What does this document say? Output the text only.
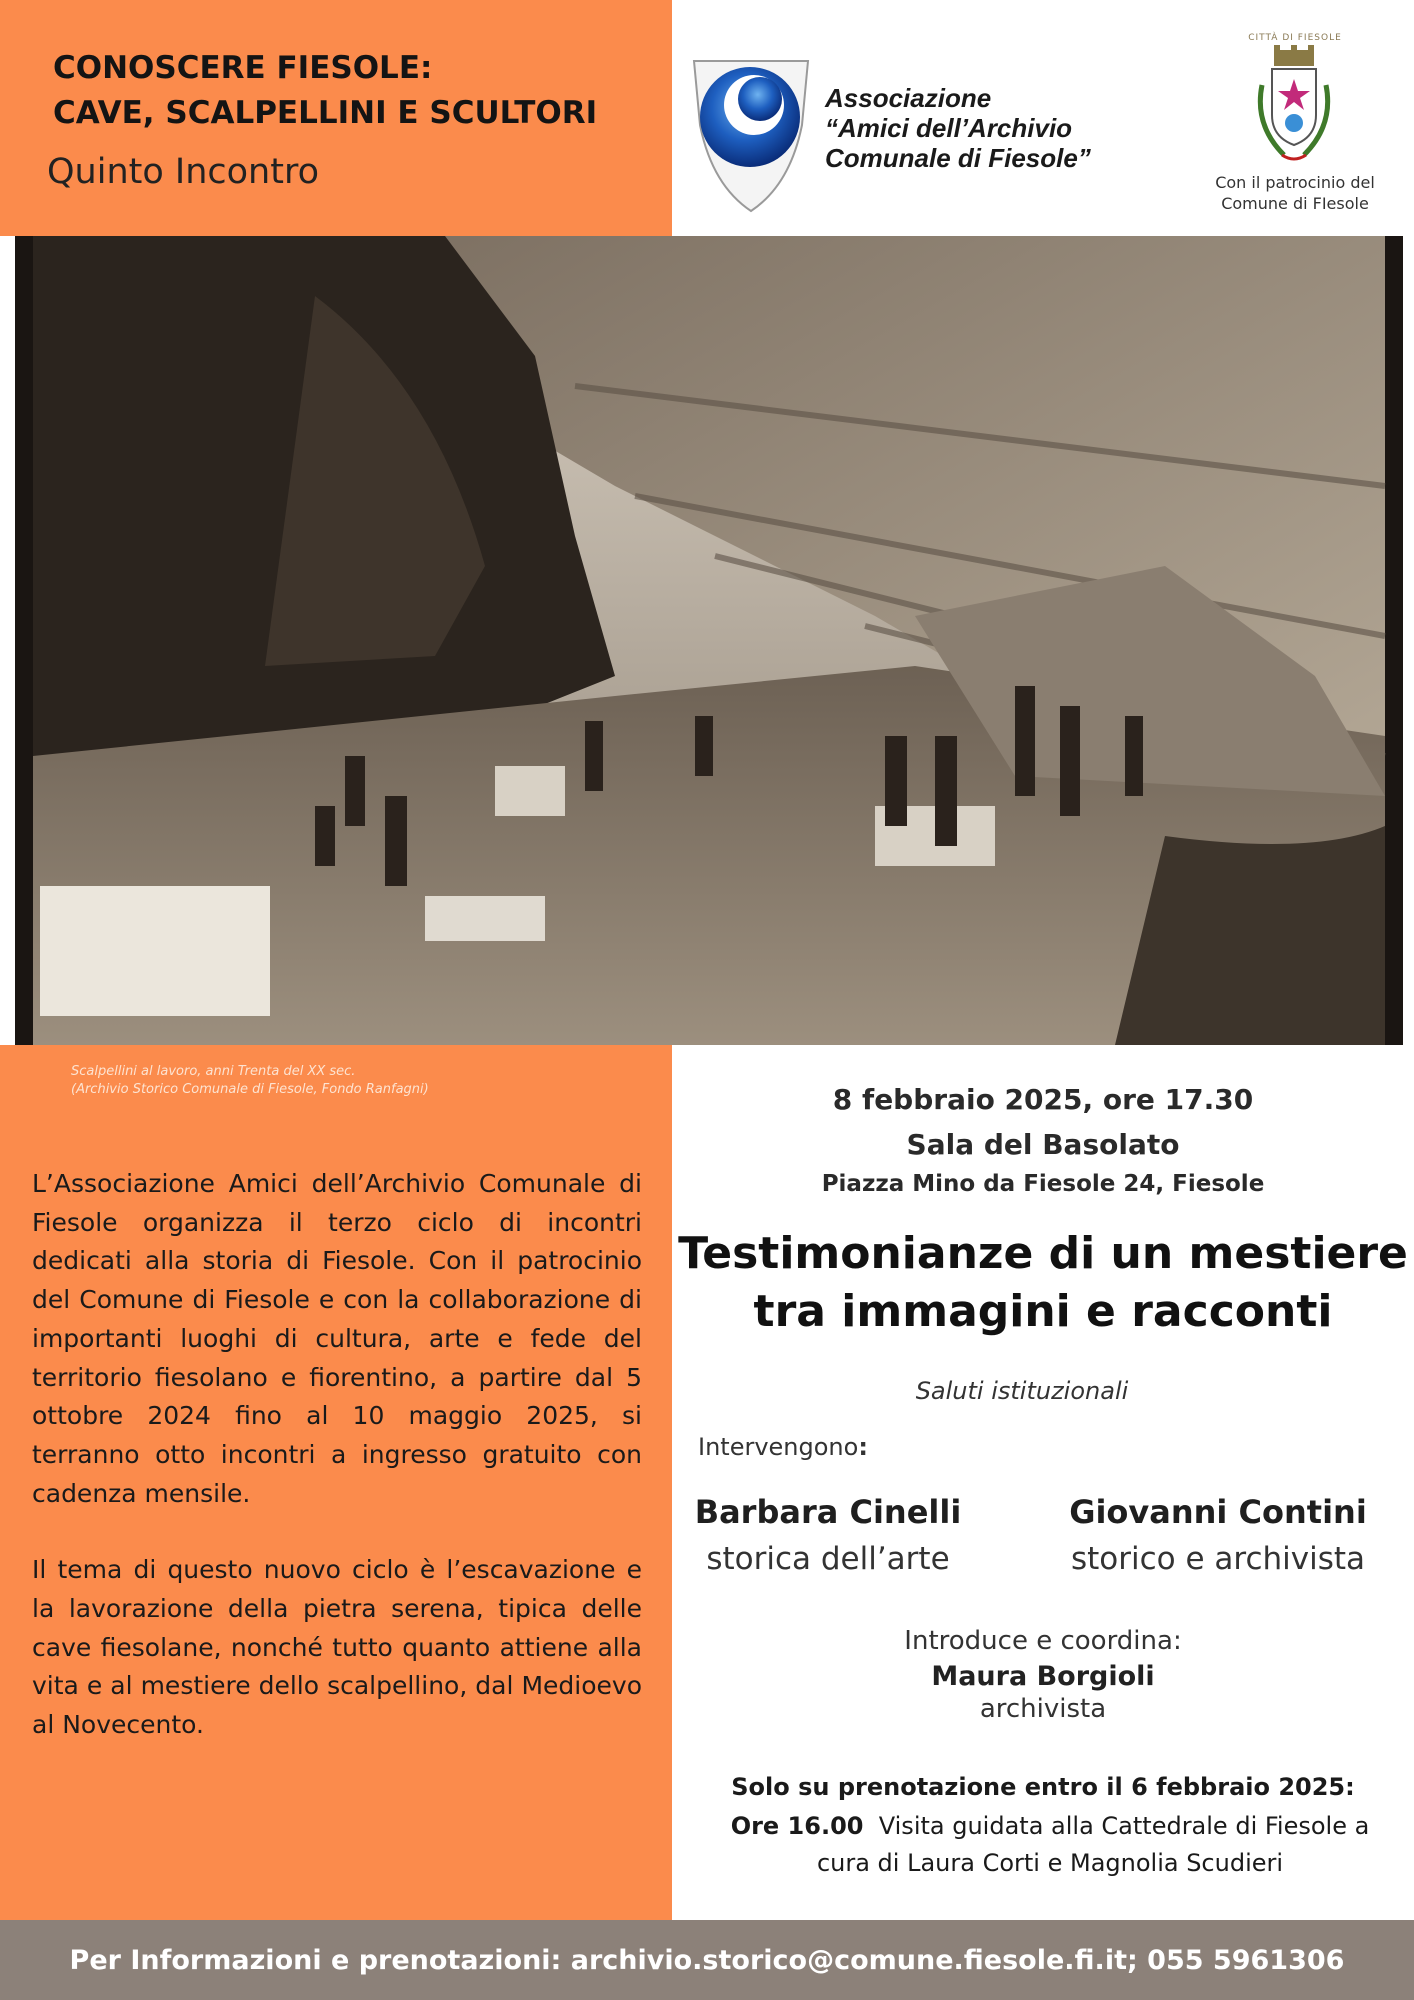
CONOSCERE FIESOLE:
CAVE, SCALPELLINI E SCULTORI
Quinto Incontro
Associazione
“Amici dell’Archivio
Comunale di Fiesole”
CITTÀ DI FIESOLE
Con il patrocinio del
Comune di FIesole
Scalpellini al lavoro, anni Trenta del XX sec.
(Archivio Storico Comunale di Fiesole, Fondo Ranfagni)

L’Associazione Amici dell’Archivio Comunale di Fiesole organizza il terzo ciclo di incontri dedicati alla storia di Fiesole. Con il patrocinio del Comune di Fiesole e con la collaborazione di importanti luoghi di cultura, arte e fede del territorio fiesolano e fiorentino, a partire dal 5 ottobre 2024 fino al 10 maggio 2025, si terranno otto incontri a ingresso gratuito con cadenza mensile.

Il tema di questo nuovo ciclo è l’escavazione e la lavorazione della pietra serena, tipica delle cave fiesolane, nonché tutto quanto attiene alla vita e al mestiere dello scalpellino, dal Medioevo al Novecento.

8 febbraio 2025, ore 17.30
Sala del Basolato
Piazza Mino da Fiesole 24, Fiesole
Testimonianze di un mestiere
tra immagini e racconti
Saluti istituzionali
Intervengono:
Barbara Cinelli
storica dell’arte
Giovanni Contini
storico e archivista
Introduce e coordina:
Maura Borgioli
archivista
Solo su prenotazione entro il 6 febbraio 2025:
Ore 16.00 Visita guidata alla Cattedrale di Fiesole a
cura di Laura Corti e Magnolia Scudieri
Per Informazioni e prenotazioni: archivio.storico@comune.fiesole.fi.it; 055 5961306
